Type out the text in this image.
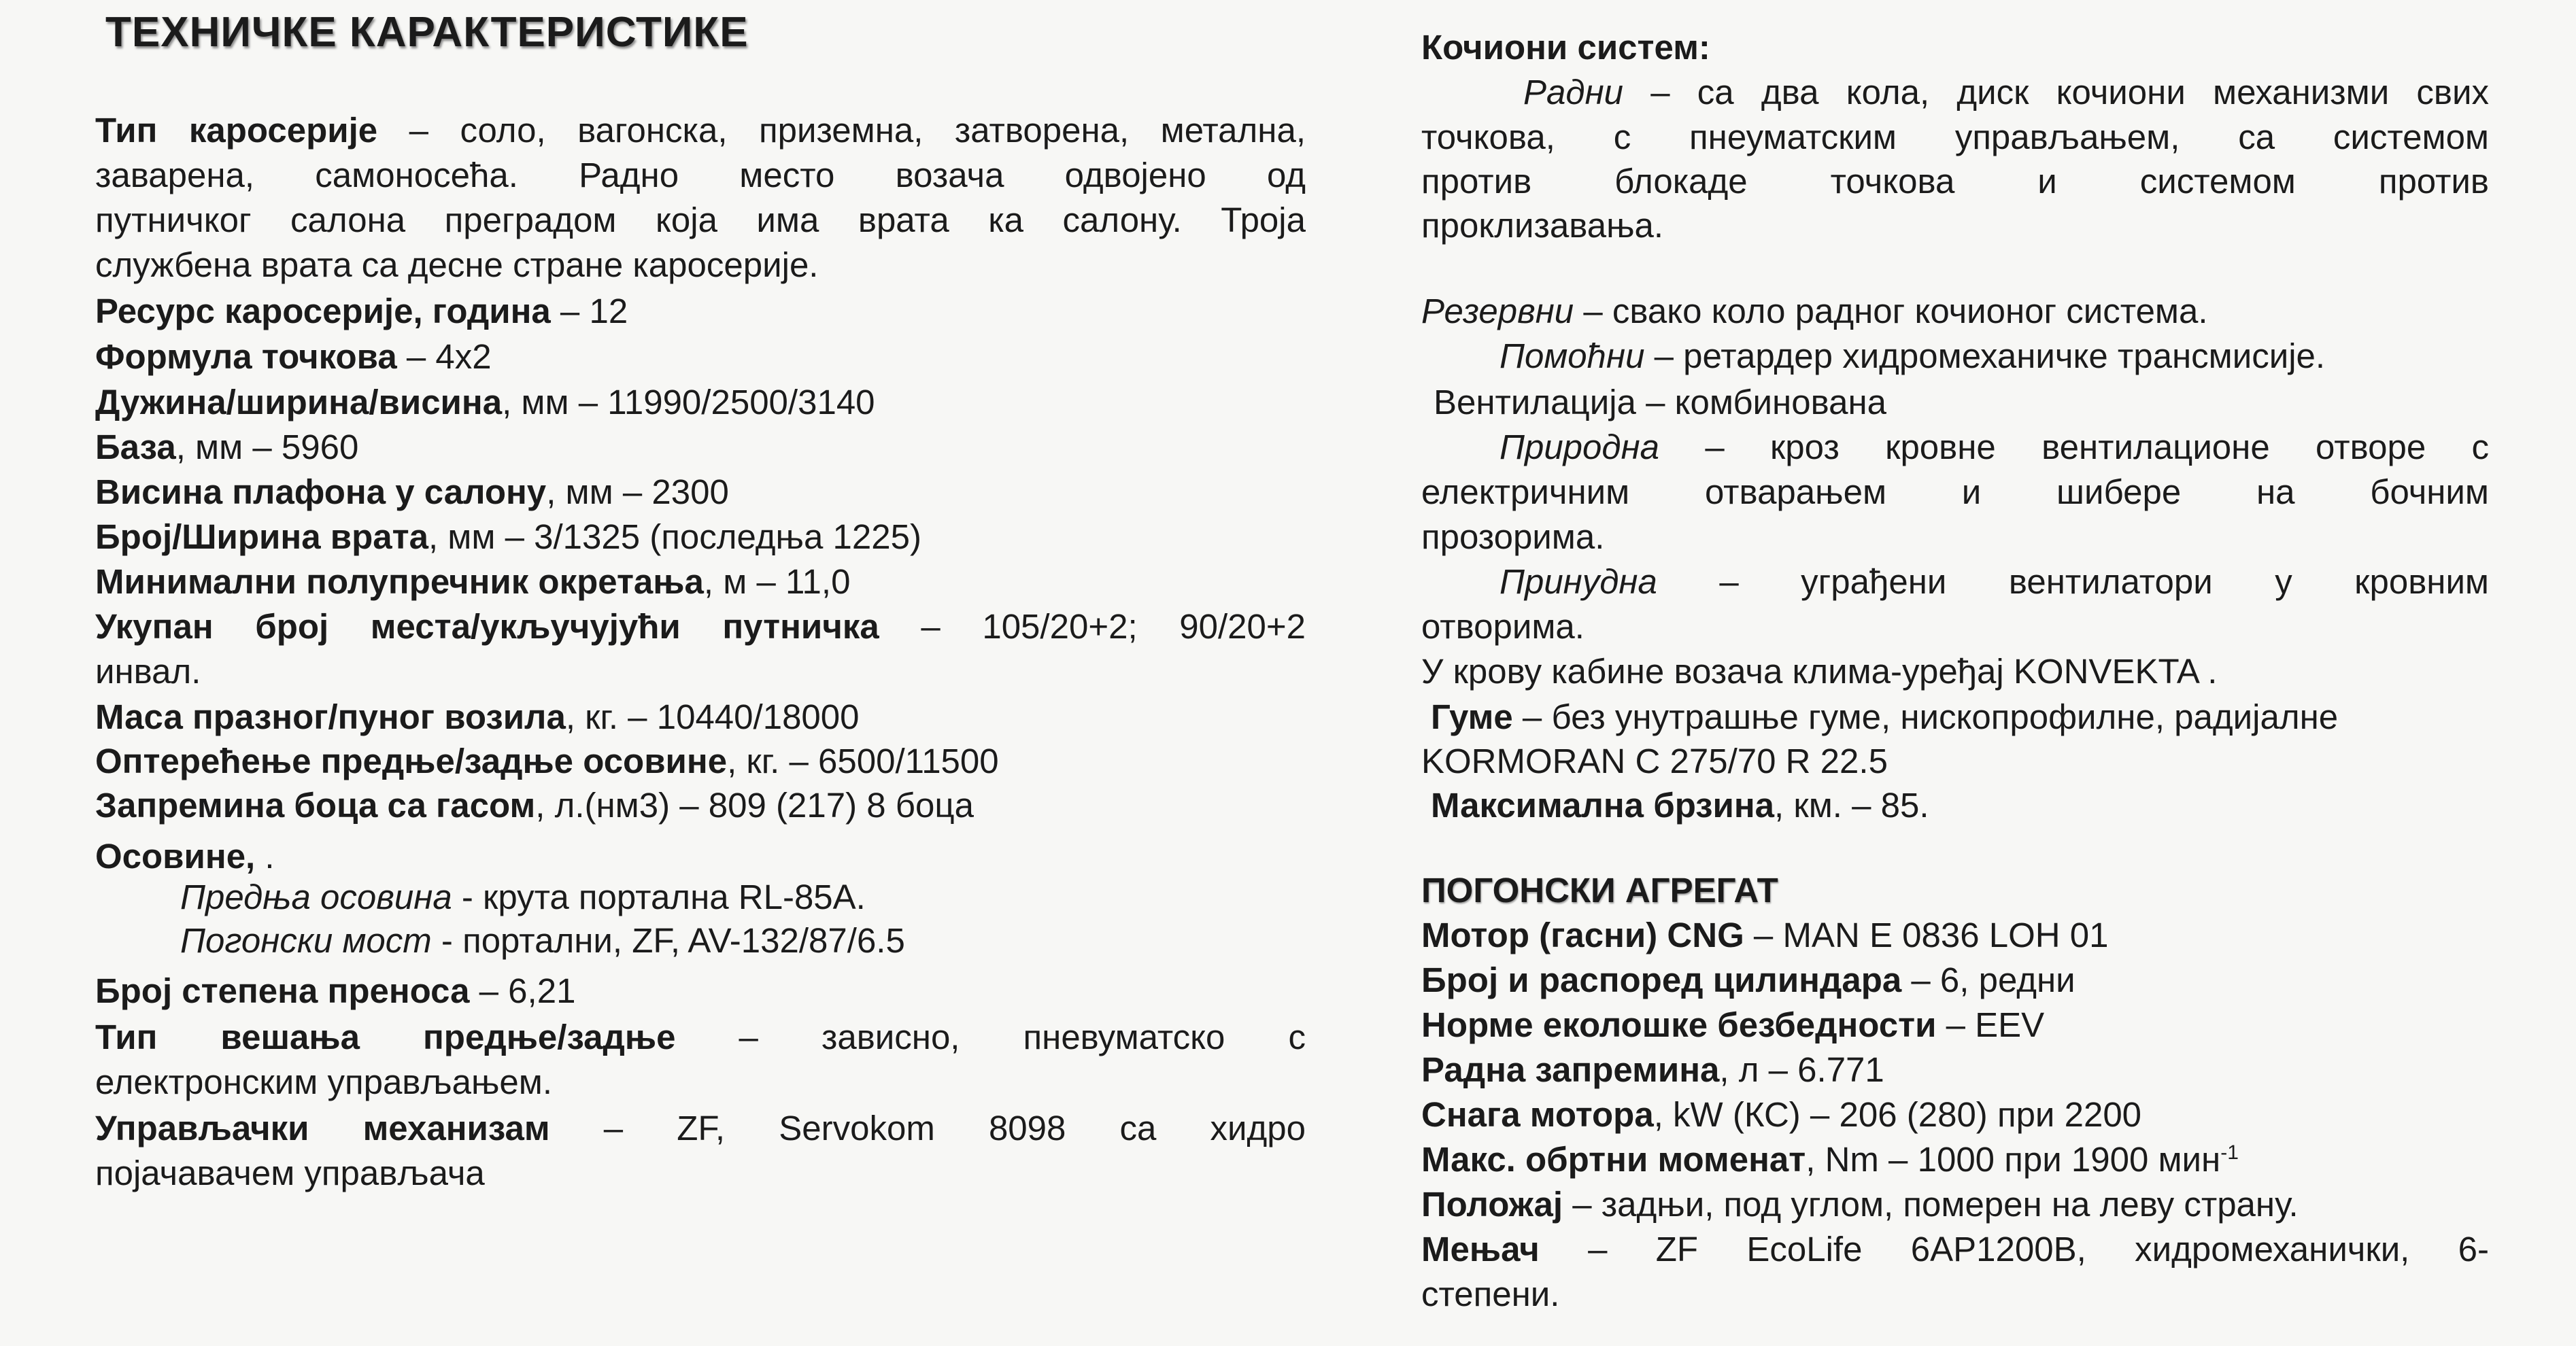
ТЕХНИЧКЕ КАРАКТЕРИСТИКЕ
Тип каросерије – соло, вагонска, приземна, затворена, метална,
заварена, самоносећа. Радно место возача одвојено од
путничког салона преградом која има врата ка салону. Троја
службена врата са десне стране каросерије.
Ресурс каросерије, година – 12
Формула точкова – 4x2
Дужина/ширина/висина, мм – 11990/2500/3140
База, мм – 5960
Висина плафона у салону, мм – 2300
Број/Ширина врата, мм – 3/1325 (последња 1225)
Минимални полупречник окретања, м – 11,0
Укупан број места/укључујући путничка – 105/20+2; 90/20+2
инвал.
Маса празног/пуног возила, кг. – 10440/18000
Оптерећење предње/задње осовине, кг. – 6500/11500
Запремина боца са гасом, л.(нм3) – 809 (217) 8 боца
Осовине, .
Предња осовина - крута портална RL-85A.
Погонски мост - портални, ZF, AV-132/87/6.5
Број степена преноса – 6,21
Тип вешања предње/задње – зависно, пневуматско с
електронским управљањем.
Управљачки механизам – ZF, Servokom 8098 са хидро
појачавачем управљача
Кочиони систем:
Радни – са два кола, диск кочиони механизми свих
точкова, с пнеуматским управљањем, са системом
против блокаде точкова и системом против
проклизавања.
Резервни – свако коло радног кочионог система.
Помоћни – ретардер хидромеханичке трансмисије.
Вентилација – комбинована
Природна – кроз кровне вентилационе отворе с
електричним отварањем и шибере на бочним
прозорима.
Принудна – уграђени вентилатори у кровним
отворима.
У крову кабине возача клима-уређај KONVEKTA .
Гуме – без унутрашње гуме, нископрофилне, радијалне
KORMORAN C 275/70 R 22.5
Максимална брзина, км. – 85.
ПОГОНСКИ АГРЕГАТ
Мотор (гасни) CNG – MAN E 0836 LOH 01
Број и распоред цилиндара – 6, редни
Норме еколошке безбедности – EEV
Радна запремина, л – 6.771
Снага мотора, kW (КС) – 206 (280) при 2200
Макс. обртни моменат, Nm – 1000 при 1900 мин$^{-1}$
Положај – задњи, под углом, померен на леву страну.
Мењач – ZF EcoLife 6AP1200B, хидромеханички, 6-
степени.
